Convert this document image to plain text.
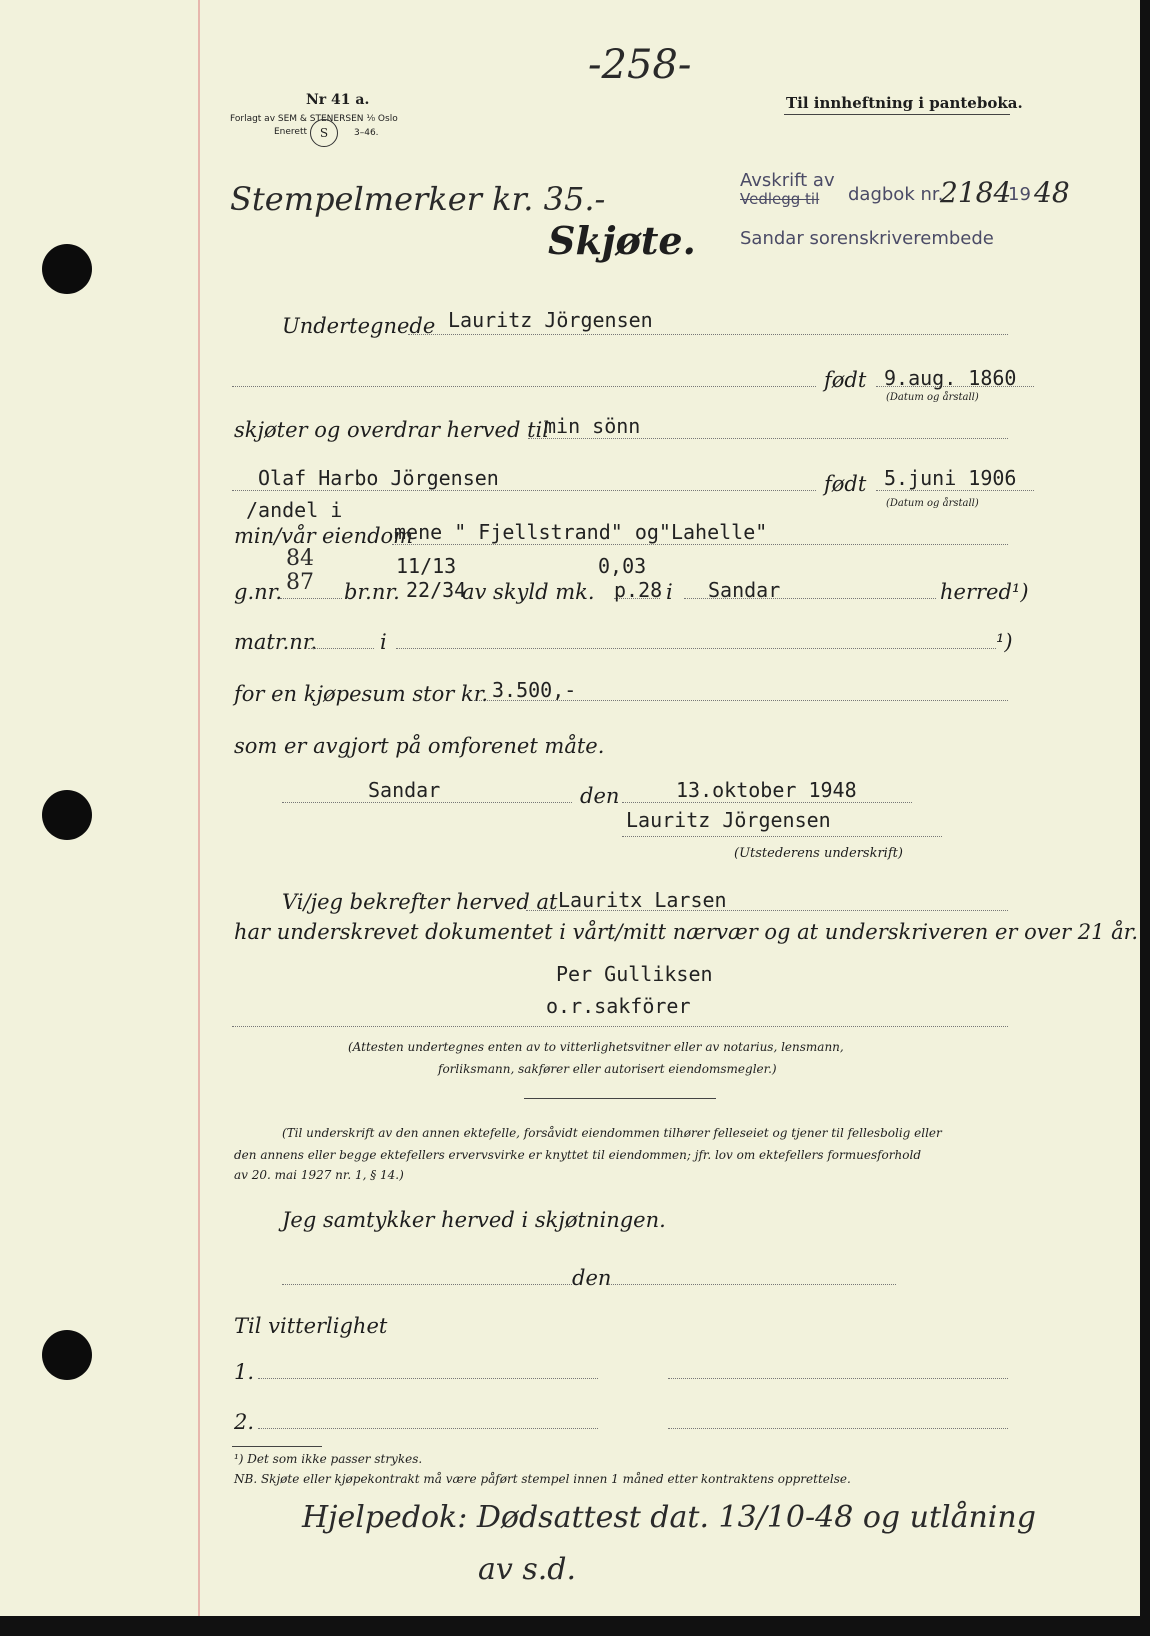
-258-
Nr 41 a.
Forlagt av SEM & STENERSEN ⅟₀ Oslo
Enerett	S	3–46.
Til innheftning i panteboka.
Stempelmerker kr. 35.-
Skjøte.
Avskrift av
Vedlegg til dagbok nr.
2184
19 48
Sandar sorenskriverembede
Undertegnede Lauritz Jörgensen
født 9.aug. 1860
(Datum og årstall)
skjøter og overdrar herved til
min sönn
Olaf Harbo Jörgensen	født 5.juni 1906
(Datum og årstall)
/andel i
min/vår eiendom
mene " Fjellstrand" og"Lahelle"
84	11/13	0,03
g.nr. 87 br.nr. 22/34
av skyld mk. p.28 i Sandar	herred¹)
matr.nr.	i	¹)
for en kjøpesum stor kr. 3.500,-
som er avgjort på omforenet måte.
Sandar	den	13.oktober 1948
Lauritz Jörgensen
(Utstederens underskrift)
Vi/jeg bekrefter herved at Lauritx Larsen
har underskrevet dokumentet i vårt/mitt nærvær og at underskriveren er over 21 år.
Per Gulliksen
o.r.sakförer
(Attesten undertegnes enten av to vitterlighetsvitner eller av notarius, lensmann,
forliksmann, sakfører eller autorisert eiendomsmegler.)
(Til underskrift av den annen ektefelle, forsåvidt eiendommen tilhører felleseiet og tjener til fellesbolig eller
den annens eller begge ektefellers ervervsvirke er knyttet til eiendommen; jfr. lov om ektefellers formuesforhold
av 20. mai 1927 nr. 1, § 14.)
Jeg samtykker herved i skjøtningen.
den
Til vitterlighet
1.
2.
¹) Det som ikke passer strykes.
NB. Skjøte eller kjøpekontrakt må være påført stempel innen 1 måned etter kontraktens opprettelse.
Hjelpedok: Dødsattest dat. 13/10-48 og utlåning
av s.d.
